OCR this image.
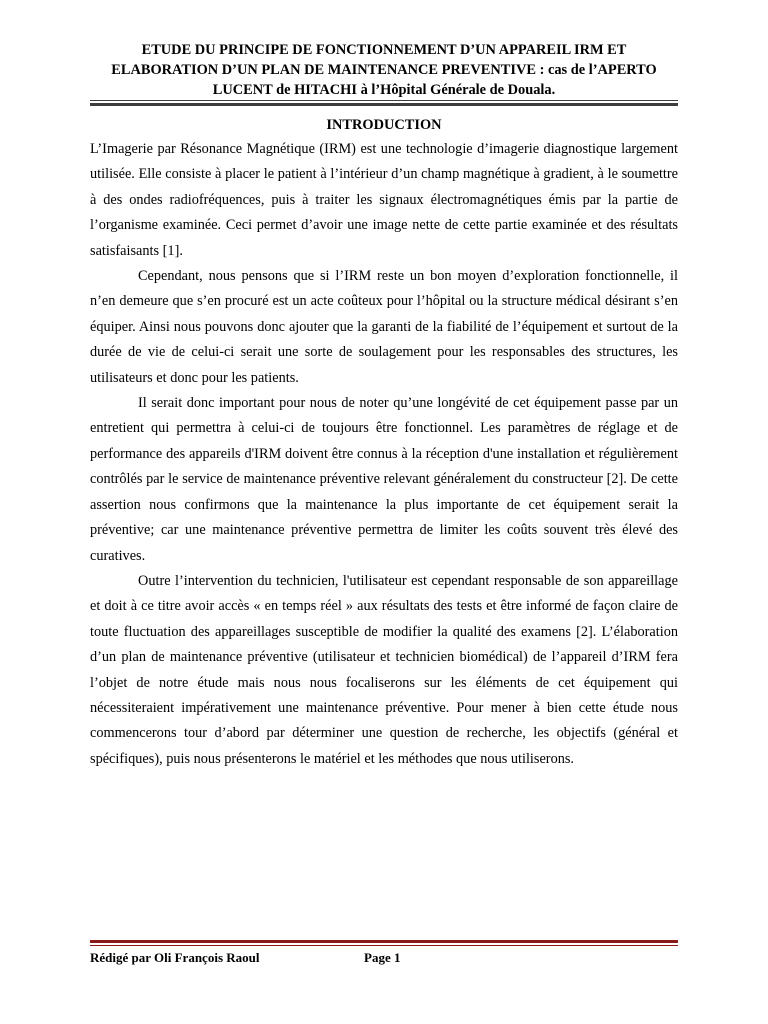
ETUDE DU PRINCIPE DE FONCTIONNEMENT D’UN APPAREIL IRM ET ELABORATION D’UN PLAN DE MAINTENANCE PREVENTIVE : cas de l’APERTO LUCENT de HITACHI à l’Hôpital Générale de Douala.
INTRODUCTION

L’Imagerie par Résonance Magnétique (IRM) est une technologie d’imagerie diagnostique largement utilisée. Elle consiste à placer le patient à l’intérieur d’un champ magnétique à gradient, à le soumettre à des ondes radiofréquences, puis à traiter les signaux électromagnétiques émis par la partie de l’organisme examinée. Ceci permet d’avoir une image nette de cette partie examinée et des résultats satisfaisants [1].

Cependant, nous pensons que si l’IRM reste un bon moyen d’exploration fonctionnelle, il n’en demeure que s’en procuré est un acte coûteux pour l’hôpital ou la structure médical désirant s’en équiper. Ainsi nous pouvons donc ajouter que la garanti de la fiabilité de l’équipement et surtout de la durée de vie de celui-ci serait une sorte de soulagement pour les responsables des structures, les utilisateurs et donc pour les patients.

Il serait donc important pour nous de noter qu’une longévité de cet équipement passe par un entretient qui permettra à celui-ci de toujours être fonctionnel. Les paramètres de réglage et de performance des appareils d'IRM doivent être connus à la réception d'une installation et régulièrement contrôlés par le service de maintenance préventive relevant généralement du constructeur [2]. De cette assertion nous confirmons que la maintenance la plus importante de cet équipement serait la préventive; car une maintenance préventive permettra de limiter les coûts souvent très élevé des curatives.

Outre l’intervention du technicien, l'utilisateur est cependant responsable de son appareillage et doit à ce titre avoir accès « en temps réel » aux résultats des tests et être informé de façon claire de toute fluctuation des appareillages susceptible de modifier la qualité des examens [2]. L’élaboration d’un plan de maintenance préventive (utilisateur et technicien biomédical) de l’appareil d’IRM fera l’objet de notre étude mais nous nous focaliserons sur les éléments de cet équipement qui nécessiteraient impérativement une maintenance préventive. Pour mener à bien cette étude nous commencerons tour d’abord par déterminer une question de recherche, les objectifs (général et spécifiques), puis nous présenterons le matériel et les méthodes que nous utiliserons.

Rédigé par Oli François Raoul	Page 1
